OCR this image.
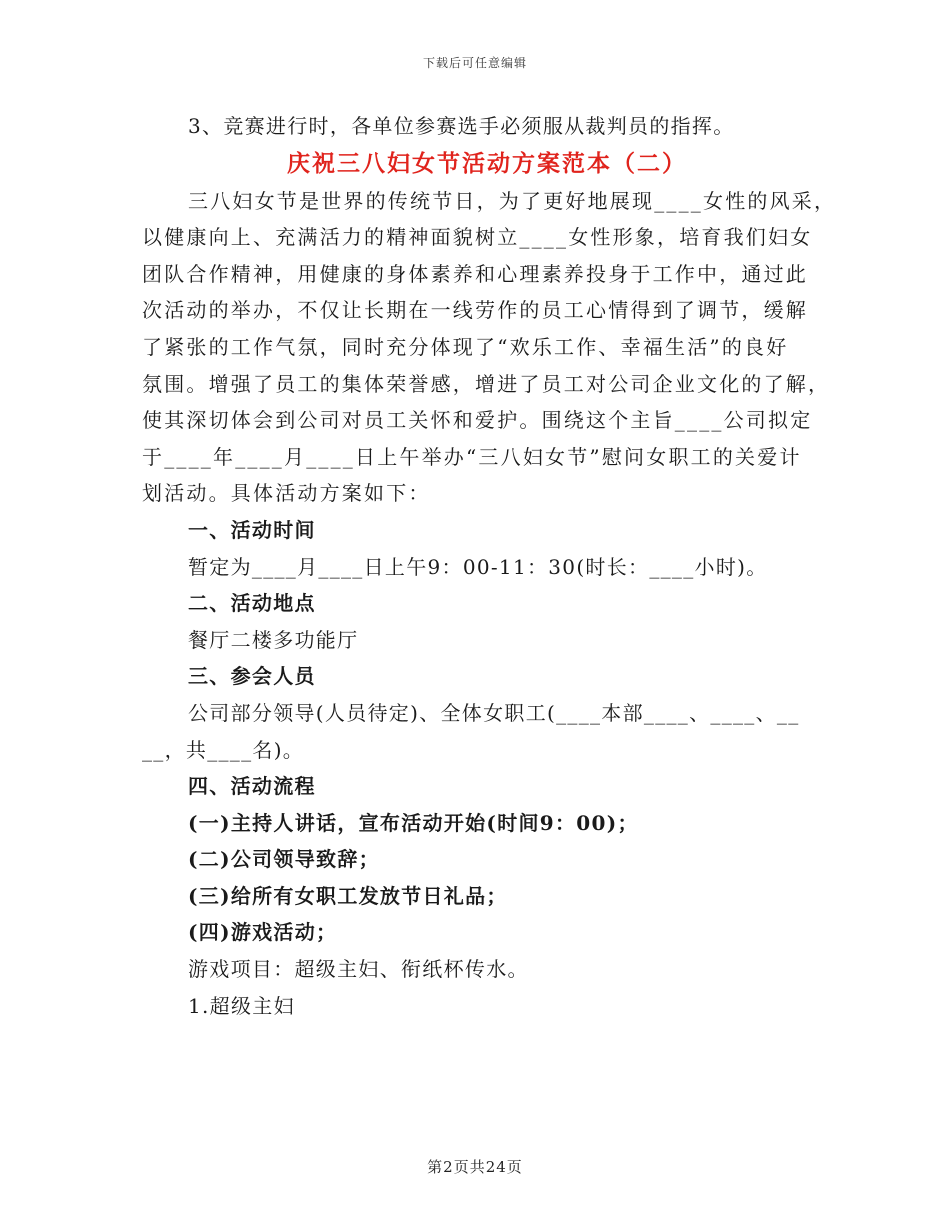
下载后可任意编辑
3、竞赛进行时，各单位参赛选手必须服从裁判员的指挥。
庆祝三八妇女节活动方案范本（二）
三八妇女节是世界的传统节日，为了更好地展现____女性的风采，
以健康向上、充满活力的精神面貌树立____女性形象，培育我们妇女
团队合作精神，用健康的身体素养和心理素养投身于工作中，通过此
次活动的举办，不仅让长期在一线劳作的员工心情得到了调节，缓解
了紧张的工作气氛，同时充分体现了“欢乐工作、幸福生活”的良好
氛围。增强了员工的集体荣誉感，增进了员工对公司企业文化的了解，
使其深切体会到公司对员工关怀和爱护。围绕这个主旨____公司拟定
于____年____月____日上午举办“三八妇女节”慰问女职工的关爱计
划活动。具体活动方案如下：
一、活动时间
暂定为____月____日上午9：00-11：30(时长：____小时)。
二、活动地点
餐厅二楼多功能厅
三、参会人员
公司部分领导(人员待定)、全体女职工(____本部____、____、__
__，共____名)。
四、活动流程
(一)主持人讲话，宣布活动开始(时间9：00)；
(二)公司领导致辞；
(三)给所有女职工发放节日礼品；
(四)游戏活动；
游戏项目：超级主妇、衔纸杯传水。
1.超级主妇
第2页共24页
